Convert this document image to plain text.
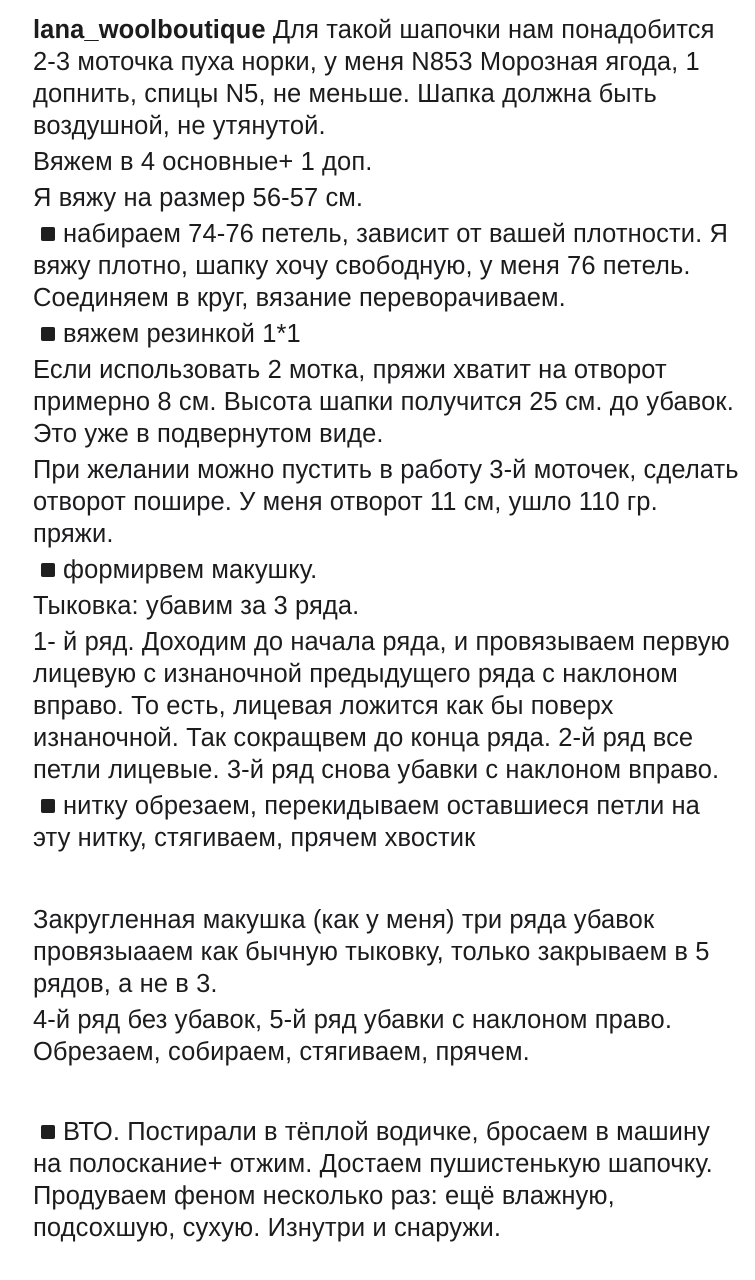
lana_woolboutique Для такой шапочки нам понадобится 2-3 моточка пуха норки, у меня N853 Морозная ягода, 1 допнить, спицы N5, не меньше. Шапка должна быть воздушной, не утянутой.

Вяжем в 4 основные+ 1 доп.

Я вяжу на размер 56-57 см.

набираем 74-76 петель, зависит от вашей плотности. Я вяжу плотно, шапку хочу свободную, у меня 76 петель. Соединяем в круг, вязание переворачиваем.

вяжем резинкой 1*1

Если использовать 2 мотка, пряжи хватит на отворот примерно 8 см. Высота шапки получится 25 см. до убавок. Это уже в подвернутом виде.

При желании можно пустить в работу 3-й моточек, сделать отворот пошире. У меня отворот 11 см, ушло 110 гр. пряжи.

формирвем макушку.

Тыковка: убавим за 3 ряда.

1- й ряд. Доходим до начала ряда, и провязываем первую лицевую с изнаночной предыдущего ряда с наклоном вправо. То есть, лицевая ложится как бы поверх изнаночной. Так сокращвем до конца ряда. 2-й ряд все петли лицевые. 3-й ряд снова убавки с наклоном вправо.

нитку обрезаем, перекидываем оставшиеся петли на эту нитку, стягиваем, прячем хвостик

Закругленная макушка (как у меня) три ряда убавок провязыааем как бычную тыковку, только закрываем в 5 рядов, а не в 3.

4-й ряд без убавок, 5-й ряд убавки с наклоном право. Обрезаем, собираем, стягиваем, прячем.

ВТО. Постирали в тёплой водичке, бросаем в машину на полоскание+ отжим. Достаем пушистенькую шапочку. Продуваем феном несколько раз: ещё влажную, подсохшую, сухую. Изнутри и снаружи.
